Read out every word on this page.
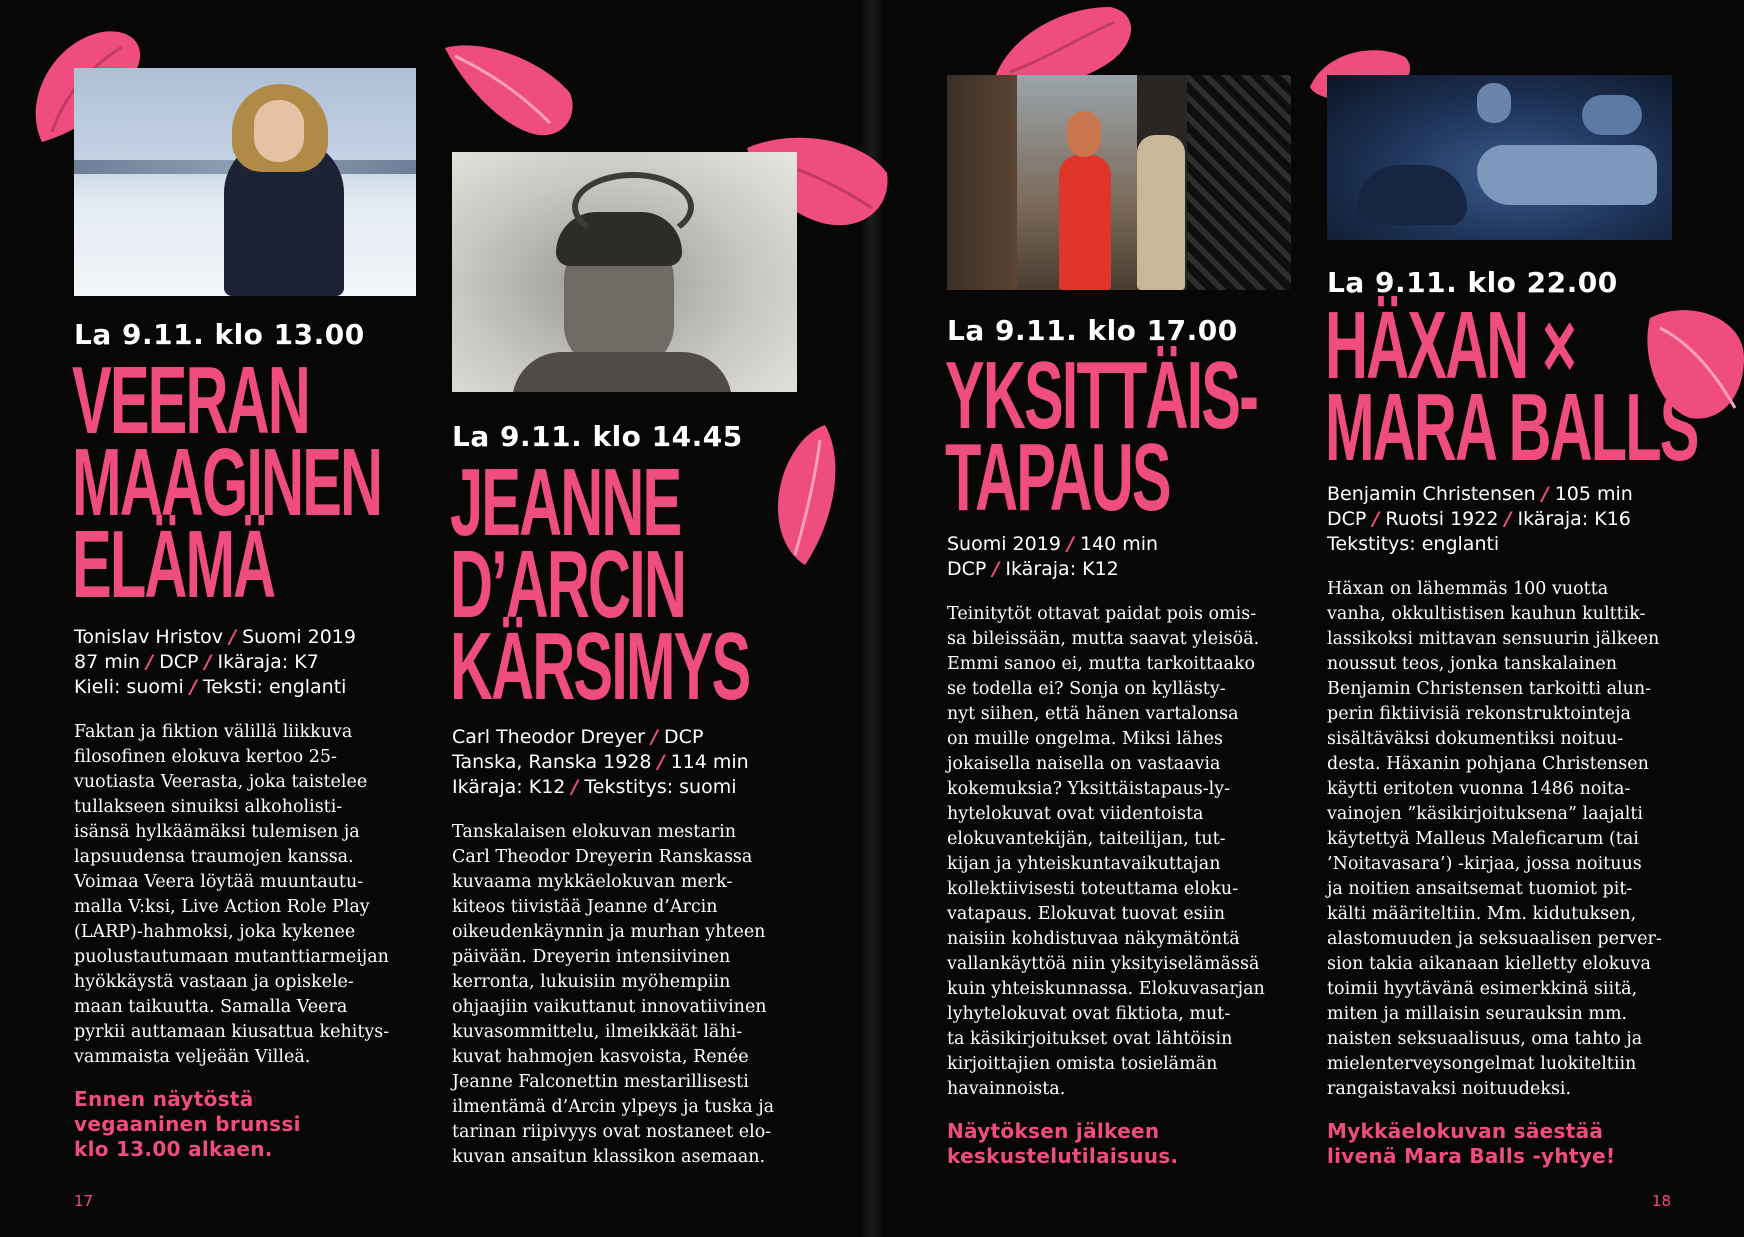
La 9.11. klo 13.00
VEERAN
MAAGINEN
ELÄMÄ
Tonislav Hristov / Suomi 2019
87 min / DCP / Ikäraja: K7
Kieli: suomi / Teksti: englanti
Faktan ja fiktion välillä liikkuva
filosofinen elokuva kertoo 25-
vuotiasta Veerasta, joka taistelee
tullakseen sinuiksi alkoholisti-
isänsä hylkäämäksi tulemisen ja
lapsuudensa traumojen kanssa.
Voimaa Veera löytää muuntautu-
malla V:ksi, Live Action Role Play
(LARP)-hahmoksi, joka kykenee
puolustautumaan mutanttiarmeijan
hyökkäystä vastaan ja opiskele-
maan taikuutta. Samalla Veera
pyrkii auttamaan kiusattua kehitys-
vammaista veljeään Villeä.
Ennen näytöstä
vegaaninen brunssi
klo 13.00 alkaen.
La 9.11. klo 14.45
JEANNE
D’ARCIN
KÄRSIMYS
Carl Theodor Dreyer / DCP
Tanska, Ranska 1928 / 114 min
Ikäraja: K12 / Tekstitys: suomi
Tanskalaisen elokuvan mestarin
Carl Theodor Dreyerin Ranskassa
kuvaama mykkäelokuvan merk-
kiteos tiivistää Jeanne d’Arcin
oikeudenkäynnin ja murhan yhteen
päivään. Dreyerin intensiivinen
kerronta, lukuisiin myöhempiin
ohjaajiin vaikuttanut innovatiivinen
kuvasommittelu, ilmeikkäät lähi-
kuvat hahmojen kasvoista, Renée
Jeanne Falconettin mestarillisesti
ilmentämä d’Arcin ylpeys ja tuska ja
tarinan riipivyys ovat nostaneet elo-
kuvan ansaitun klassikon asemaan.
17
La 9.11. klo 17.00
YKSITTÄIS-
TAPAUS
Suomi 2019 / 140 min
DCP / Ikäraja: K12
Teinitytöt ottavat paidat pois omis-
sa bileissään, mutta saavat yleisöä.
Emmi sanoo ei, mutta tarkoittaako
se todella ei? Sonja on kyllästy-
nyt siihen, että hänen vartalonsa
on muille ongelma. Miksi lähes
jokaisella naisella on vastaavia
kokemuksia? Yksittäistapaus-ly-
hytelokuvat ovat viidentoista
elokuvantekijän, taiteilijan, tut-
kijan ja yhteiskuntavaikuttajan
kollektiivisesti toteuttama eloku-
vatapaus. Elokuvat tuovat esiin
naisiin kohdistuvaa näkymätöntä
vallankäyttöä niin yksityiselämässä
kuin yhteiskunnassa. Elokuvasarjan
lyhytelokuvat ovat fiktiota, mut-
ta käsikirjoitukset ovat lähtöisin
kirjoittajien omista tosielämän
havainnoista.
Näytöksen jälkeen
keskustelutilaisuus.
La 9.11. klo 22.00
HÄXAN ×
MARA BALLS
Benjamin Christensen / 105 min
DCP / Ruotsi 1922 / Ikäraja: K16
Tekstitys: englanti
Häxan on lähemmäs 100 vuotta
vanha, okkultistisen kauhun kulttik-
lassikoksi mittavan sensuurin jälkeen
noussut teos, jonka tanskalainen
Benjamin Christensen tarkoitti alun-
perin fiktiivisiä rekonstruktointeja
sisältäväksi dokumentiksi noituu-
desta. Häxanin pohjana Christensen
käytti eritoten vuonna 1486 noita-
vainojen ”käsikirjoituksena” laajalti
käytettyä Malleus Maleficarum (tai
’Noitavasara’) -kirjaa, jossa noituus
ja noitien ansaitsemat tuomiot pit-
kälti määriteltiin. Mm. kidutuksen,
alastomuuden ja seksuaalisen perver-
sion takia aikanaan kielletty elokuva
toimii hyytävänä esimerkkinä siitä,
miten ja millaisin seurauksin mm.
naisten seksuaalisuus, oma tahto ja
mielenterveysongelmat luokiteltiin
rangaistavaksi noituudeksi.
Mykkäelokuvan säestää
livenä Mara Balls -yhtye!
18
